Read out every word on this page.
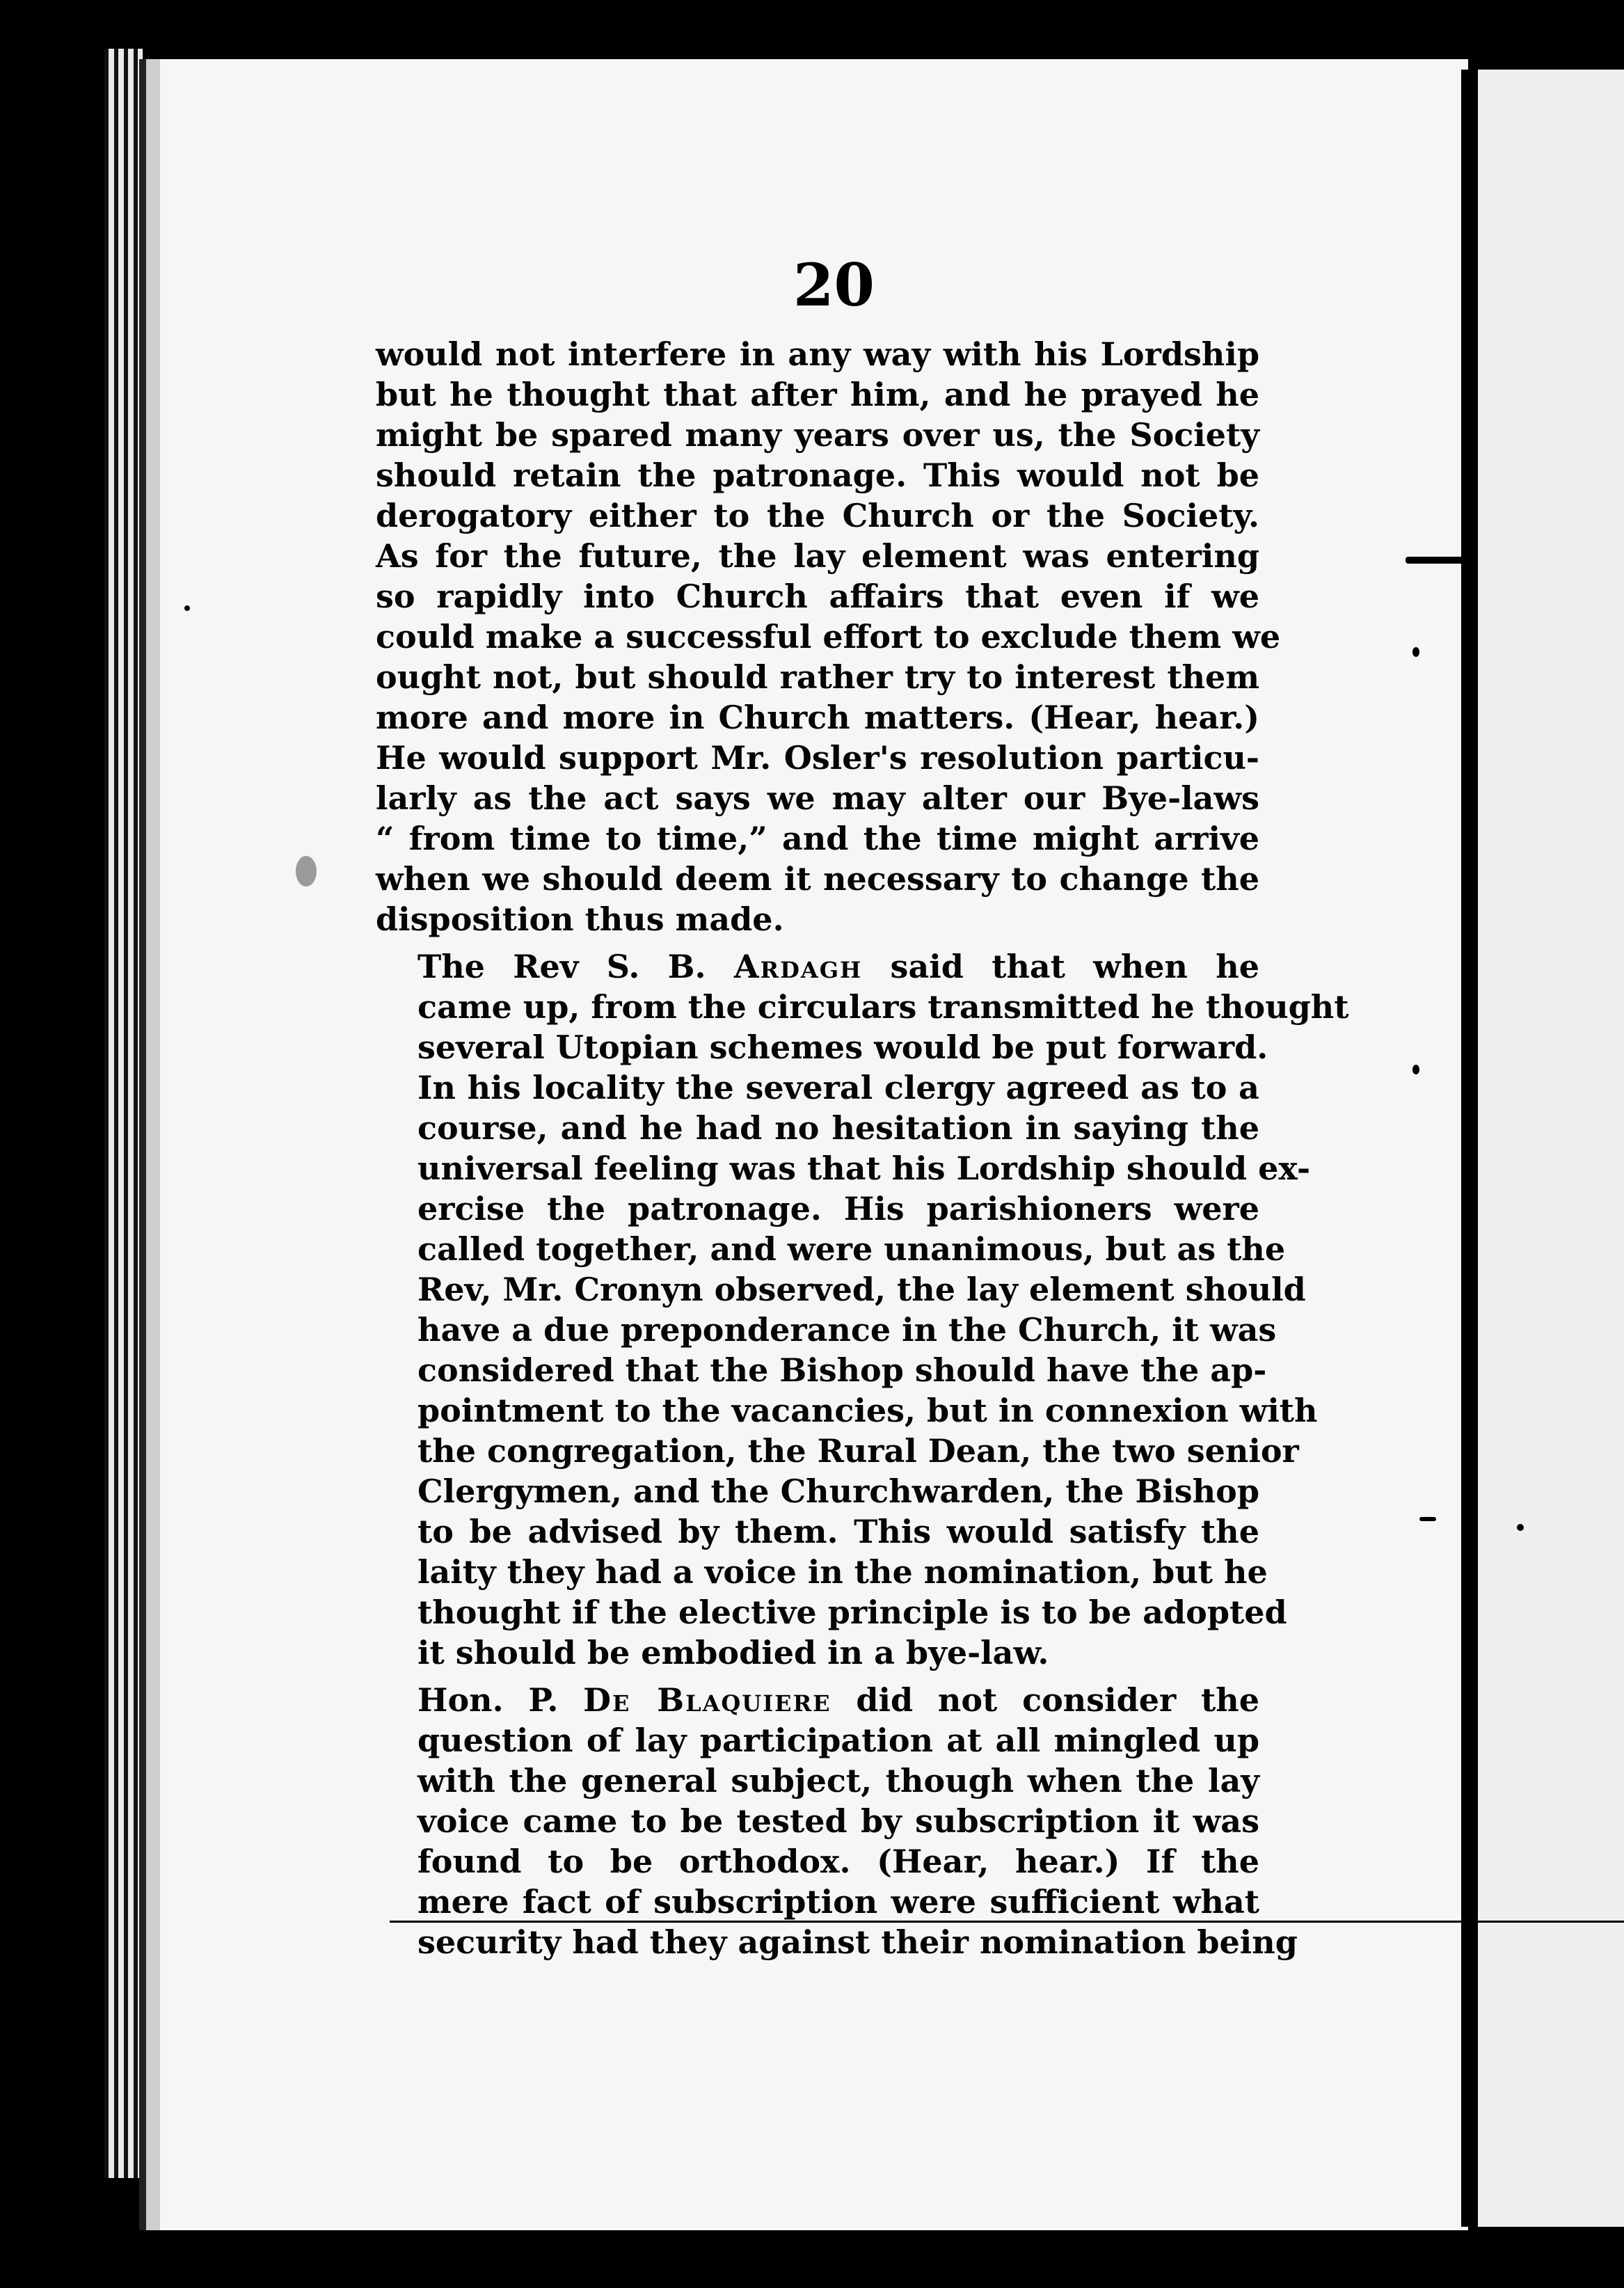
20
would not interfere in any way with his Lordship
but he thought that after him, and he prayed he
might be spared many years over us, the Society
should retain the patronage. This would not be
derogatory either to the Church or the Society.
As for the future, the lay element was entering
so rapidly into Church affairs that even if we
could make a successful effort to exclude them we
ought not, but should rather try to interest them
more and more in Church matters. (Hear, hear.)
He would support Mr. Osler's resolution particu-
larly as the act says we may alter our Bye-laws
“ from time to time,” and the time might arrive
when we should deem it necessary to change the
disposition thus made.
The Rev S. B. Ardagh said that when he
came up, from the circulars transmitted he thought
several Utopian schemes would be put forward.
In his locality the several clergy agreed as to a
course, and he had no hesitation in saying the
universal feeling was that his Lordship should ex-
ercise the patronage. His parishioners were
called together, and were unanimous, but as the
Rev, Mr. Cronyn observed, the lay element should
have a due preponderance in the Church, it was
considered that the Bishop should have the ap-
pointment to the vacancies, but in connexion with
the congregation, the Rural Dean, the two senior
Clergymen, and the Churchwarden, the Bishop
to be advised by them. This would satisfy the
laity they had a voice in the nomination, but he
thought if the elective principle is to be adopted
it should be embodied in a bye-law.
Hon. P. De Blaquiere did not consider the
question of lay participation at all mingled up
with the general subject, though when the lay
voice came to be tested by subscription it was
found to be orthodox. (Hear, hear.) If the
mere fact of subscription were sufficient what
security had they against their nomination being
